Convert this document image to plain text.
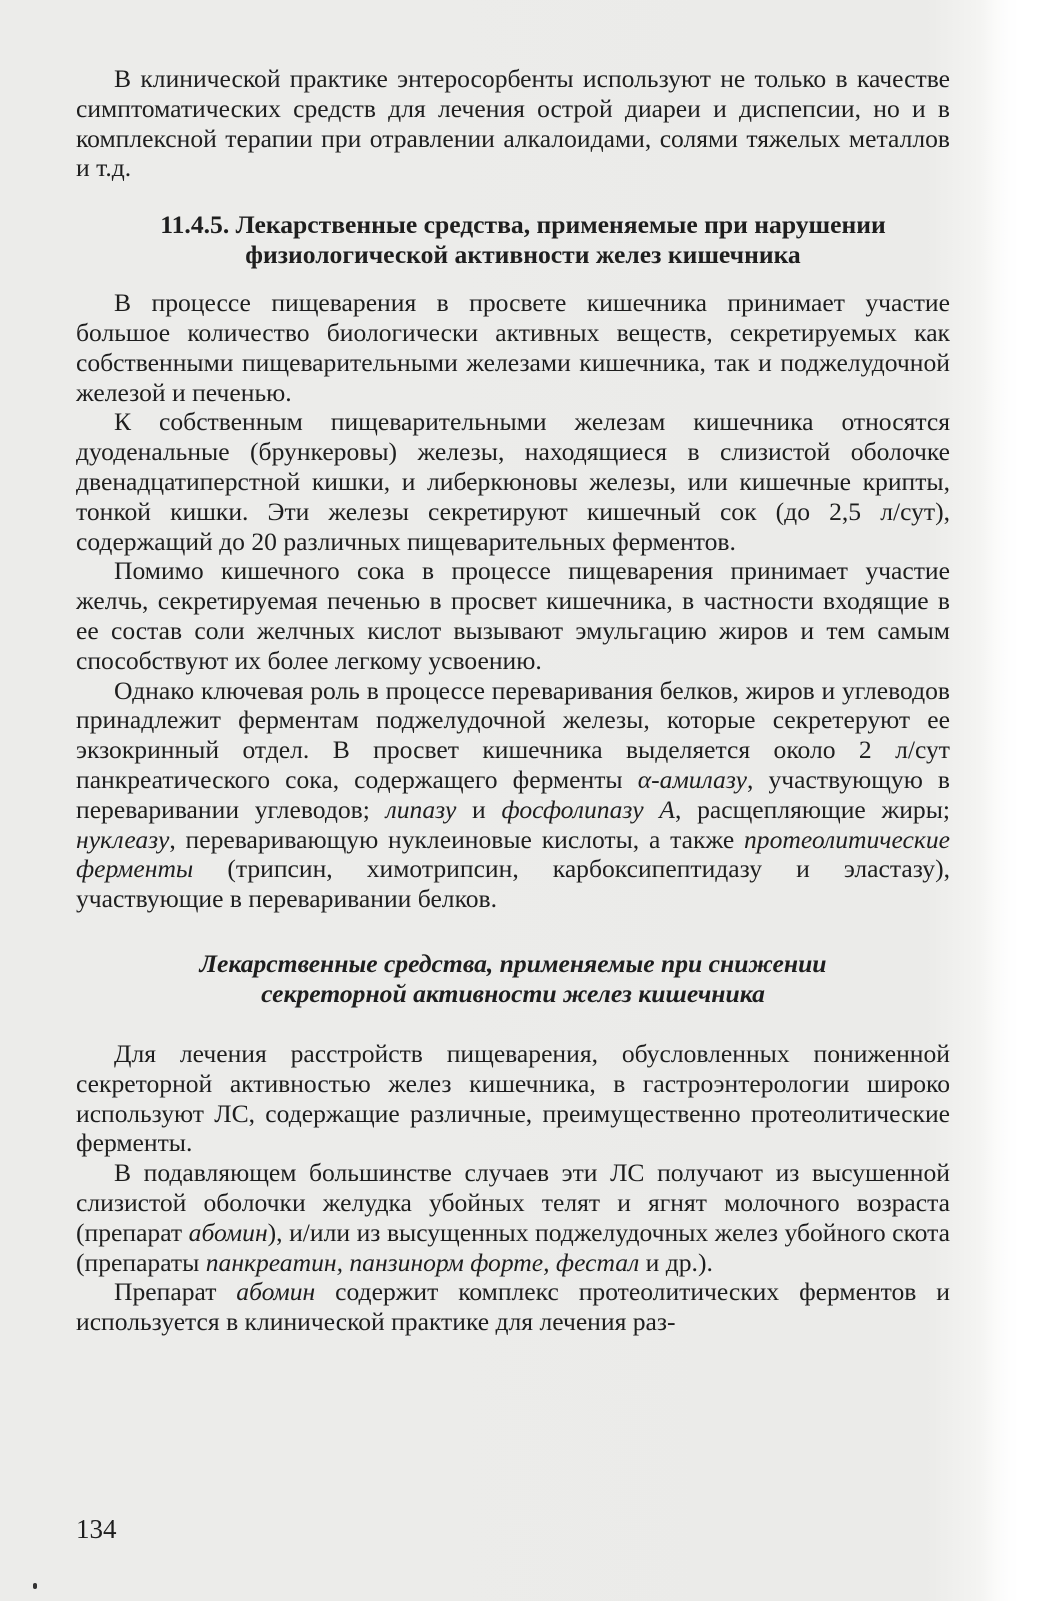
В клинической практике энтеросорбенты используют не только в качестве симптоматических средств для лечения острой диареи и диспепсии, но и в комплексной терапии при отравлении алкалоидами, солями тяжелых металлов и т.д.

11.4.5. Лекарственные средства, применяемые при нарушении
физиологической активности желез кишечника

В процессе пищеварения в просвете кишечника принимает участие большое количество биологически активных веществ, секретируемых как собственными пищеварительными железами кишечника, так и поджелудочной железой и печенью.

К собственным пищеварительными железам кишечника относятся дуоденальные (брункеровы) железы, находящиеся в слизистой оболочке двенадцатиперстной кишки, и либеркюновы железы, или кишечные крипты, тонкой кишки. Эти железы секретируют кишечный сок (до 2,5 л/сут), содержащий до 20 различных пищеварительных ферментов.

Помимо кишечного сока в процессе пищеварения принимает участие желчь, секретируемая печенью в просвет кишечника, в частности входящие в ее состав соли желчных кислот вызывают эмульгацию жиров и тем самым способствуют их более легкому усвоению.

Однако ключевая роль в процессе переваривания белков, жиров и углеводов принадлежит ферментам поджелудочной железы, которые секретеруют ее экзокринный отдел. В просвет кишечника выделяется около 2 л/сут панкреатического сока, содержащего ферменты α-амилазу, участвующую в переваривании углеводов; липазу и фосфолипазу А, расщепляющие жиры; нуклеазу, переваривающую нуклеиновые кислоты, а также протеолитические ферменты (трипсин, химотрипсин, карбоксипептидазу и эластазу), участвующие в переваривании белков.

Лекарственные средства, применяемые при снижении
секреторной активности желез кишечника

Для лечения расстройств пищеварения, обусловленных пониженной секреторной активностью желез кишечника, в гастроэнтерологии широко используют ЛС, содержащие различные, преимущественно протеолитические ферменты.

В подавляющем большинстве случаев эти ЛС получают из высушенной слизистой оболочки желудка убойных телят и ягнят молочного возраста (препарат абомин), и/или из высущенных поджелудочных желез убойного скота (препараты панкреатин, панзинорм форте, фестал и др.).

Препарат абомин содержит комплекс протеолитических ферментов и используется в клинической практике для лечения раз-

134
